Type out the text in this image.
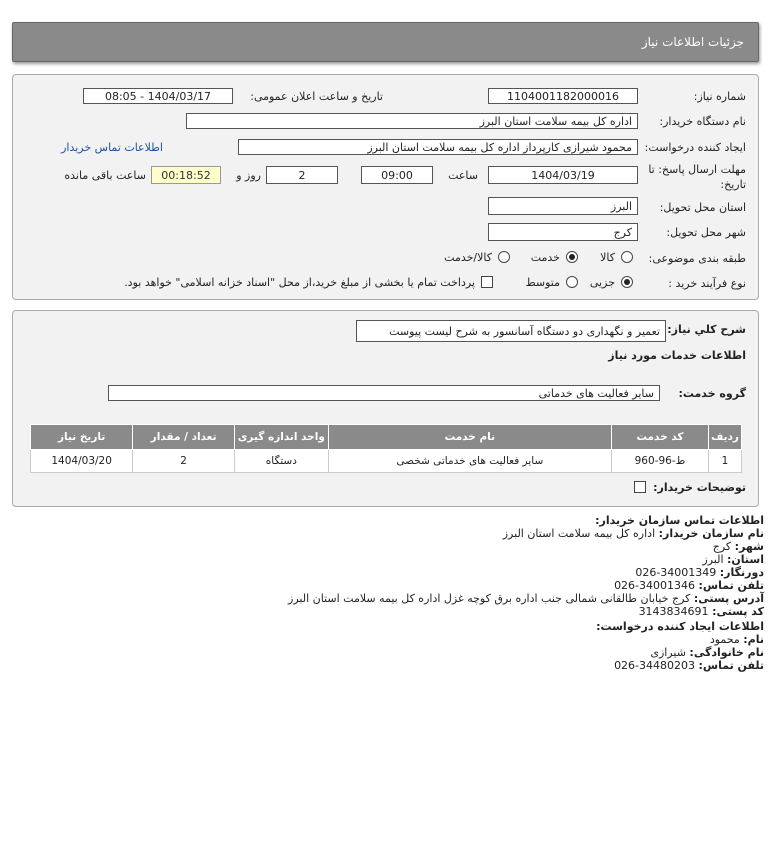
جزئیات اطلاعات نیاز
شماره نیاز:
1104001182000016
تاریخ و ساعت اعلان عمومی:
1404/03/17 - 08:05
نام دستگاه خریدار:
اداره کل بیمه سلامت استان البرز
ایجاد کننده درخواست:
محمود شیرازی کارپرداز اداره کل بیمه سلامت استان البرز
اطلاعات تماس خریدار
مهلت ارسال پاسخ: تا
تاریخ:
1404/03/19
ساعت
09:00
2
روز و
00:18:52
ساعت باقی مانده
استان محل تحویل:
البرز
شهر محل تحویل:
کرج
طبقه بندی موضوعی:
کالا
خدمت
کالا/خدمت
نوع فرآیند خرید :
جزیی
متوسط
پرداخت تمام یا بخشی از مبلغ خرید،از محل "اسناد خزانه اسلامی" خواهد بود.
شرح کلي نياز:
تعمیر و نگهداری دو دستگاه آسانسور به شرح لیست پیوست
اطلاعات خدمات مورد نیاز
گروه خدمت:
سایر فعالیت های خدماتی
ردیف	کد خدمت	نام خدمت	واحد اندازه گیری	تعداد / مقدار	تاریخ نیاز
1	ط-96-960	سایر فعالیت های خدماتی شخصی	دستگاه	2	1404/03/20
توضیحات خریدار:
اطلاعات تماس سازمان خریدار:
نام سازمان خریدار: اداره کل بیمه سلامت استان البرز
شهر: کرج
استان: البرز
دورنگار: 026-34001349
تلفن تماس: 026-34001346
آدرس پستی: کرج خیابان طالقانی شمالی جنب اداره برق کوچه غزل اداره کل بیمه سلامت استان البرز
کد پستی: 3143834691
اطلاعات ایجاد کننده درخواست:
نام: محمود
نام خانوادگی: شیرازی
تلفن تماس: 026-34480203
